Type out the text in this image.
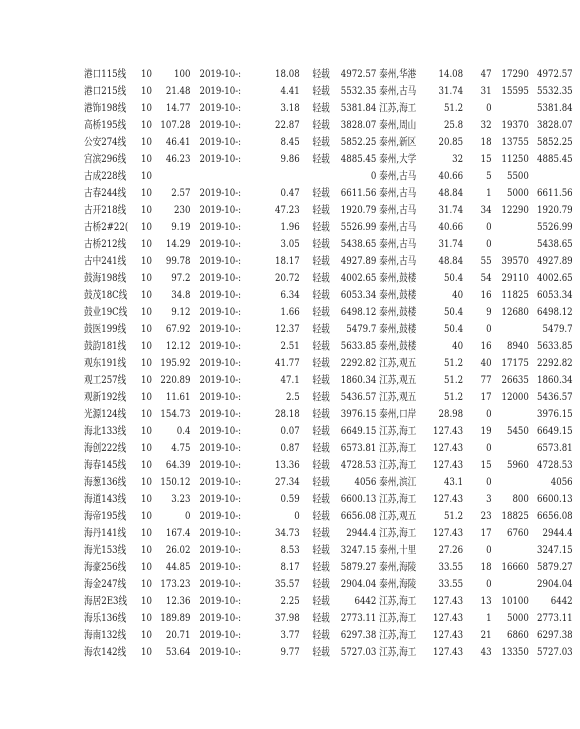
港口115线	10	100	2019-10-:	18.08	轻载	4972.57 泰州,华港	14.08	47	17290	4972.57
港口215线	10	21.48	2019-10-:	4.41	轻载	5532.35 泰州,古马	31.74	31	15595	5532.35
港饰198线	10	14.77	2019-10-:	3.18	轻载	5381.84 江苏,海工	51.2	0		5381.84
高桥195线	10	107.28	2019-10-:	22.87	轻载	3828.07 泰州,周山	25.8	32	19370	3828.07
公安274线	10	46.41	2019-10-:	8.45	轻载	5852.25 泰州,新区	20.85	18	13755	5852.25
宫滨296线	10	46.23	2019-10-:	9.86	轻载	4885.45 泰州,大学	32	15	11250	4885.45
古成228线	10					0 泰州,古马	40.66	5	5500	
古春244线	10	2.57	2019-10-:	0.47	轻载	6611.56 泰州,古马	48.84	1	5000	6611.56
古开218线	10	230	2019-10-:	47.23	轻载	1920.79 泰州,古马	31.74	34	12290	1920.79
古桥2#22(	10	9.19	2019-10-:	1.96	轻载	5526.99 泰州,古马	40.66	0		5526.99
古桥212线	10	14.29	2019-10-:	3.05	轻载	5438.65 泰州,古马	31.74	0		5438.65
古中241线	10	99.78	2019-10-:	18.17	轻载	4927.89 泰州,古马	48.84	55	39570	4927.89
鼓海198线	10	97.2	2019-10-:	20.72	轻载	4002.65 泰州,鼓楼	50.4	54	29110	4002.65
鼓茂18C线	10	34.8	2019-10-:	6.34	轻载	6053.34 泰州,鼓楼	40	16	11825	6053.34
鼓业19C线	10	9.12	2019-10-:	1.66	轻载	6498.12 泰州,鼓楼	50.4	9	12680	6498.12
鼓医199线	10	67.92	2019-10-:	12.37	轻载	5479.7 泰州,鼓楼	50.4	0		5479.7
鼓韵181线	10	12.12	2019-10-:	2.51	轻载	5633.85 泰州,鼓楼	40	16	8940	5633.85
观东191线	10	195.92	2019-10-:	41.77	轻载	2292.82 江苏,观五	51.2	40	17175	2292.82
观工257线	10	220.89	2019-10-:	47.1	轻载	1860.34 江苏,观五	51.2	77	26635	1860.34
观新192线	10	11.61	2019-10-:	2.5	轻载	5436.57 江苏,观五	51.2	17	12000	5436.57
光源124线	10	154.73	2019-10-:	28.18	轻载	3976.15 泰州,口岸	28.98	0		3976.15
海北133线	10	0.4	2019-10-:	0.07	轻载	6649.15 江苏,海工	127.43	19	5450	6649.15
海创222线	10	4.75	2019-10-:	0.87	轻载	6573.81 江苏,海工	127.43	0		6573.81
海春145线	10	64.39	2019-10-:	13.36	轻载	4728.53 江苏,海工	127.43	15	5960	4728.53
海葱136线	10	150.12	2019-10-:	27.34	轻载	4056 泰州,滨江	43.1	0		4056
海道143线	10	3.23	2019-10-:	0.59	轻载	6600.13 江苏,海工	127.43	3	800	6600.13
海帝195线	10	0	2019-10-:	0	轻载	6656.08 江苏,观五	51.2	23	18825	6656.08
海丹141线	10	167.4	2019-10-:	34.73	轻载	2944.4 江苏,海工	127.43	17	6760	2944.4
海光153线	10	26.02	2019-10-:	8.53	轻载	3247.15 泰州,十里	27.26	0		3247.15
海豪256线	10	44.85	2019-10-:	8.17	轻载	5879.27 泰州,海陵	33.55	18	16660	5879.27
海金247线	10	173.23	2019-10-:	35.57	轻载	2904.04 泰州,海陵	33.55	0		2904.04
海居2E3线	10	12.36	2019-10-:	2.25	轻载	6442 江苏,海工	127.43	13	10100	6442
海乐136线	10	189.89	2019-10-:	37.98	轻载	2773.11 江苏,海工	127.43	1	5000	2773.11
海南132线	10	20.71	2019-10-:	3.77	轻载	6297.38 江苏,海工	127.43	21	6860	6297.38
海农142线	10	53.64	2019-10-:	9.77	轻载	5727.03 江苏,海工	127.43	43	13350	5727.03
